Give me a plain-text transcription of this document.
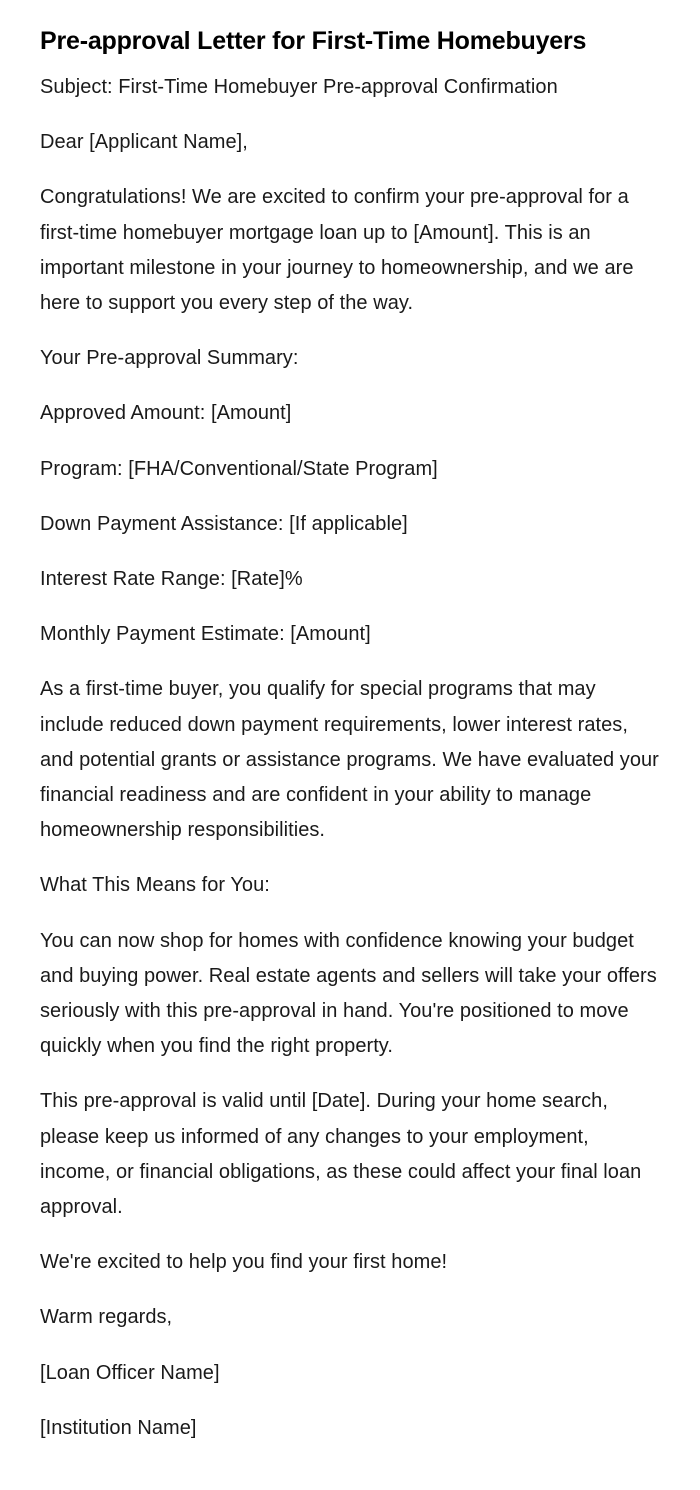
Pre-approval Letter for First-Time Homebuyers

Subject: First-Time Homebuyer Pre-approval Confirmation

Dear [Applicant Name],

Congratulations! We are excited to confirm your pre-approval for a first-time homebuyer mortgage loan up to [Amount]. This is an important milestone in your journey to homeownership, and we are here to support you every step of the way.

Your Pre-approval Summary:

Approved Amount: [Amount]

Program: [FHA/Conventional/State Program]

Down Payment Assistance: [If applicable]

Interest Rate Range: [Rate]%

Monthly Payment Estimate: [Amount]

As a first-time buyer, you qualify for special programs that may include reduced down payment requirements, lower interest rates, and potential grants or assistance programs. We have evaluated your financial readiness and are confident in your ability to manage homeownership responsibilities.

What This Means for You:

You can now shop for homes with confidence knowing your budget and buying power. Real estate agents and sellers will take your offers seriously with this pre-approval in hand. You're positioned to move quickly when you find the right property.

This pre-approval is valid until [Date]. During your home search, please keep us informed of any changes to your employment, income, or financial obligations, as these could affect your final loan approval.

We're excited to help you find your first home!

Warm regards,

[Loan Officer Name]

[Institution Name]
